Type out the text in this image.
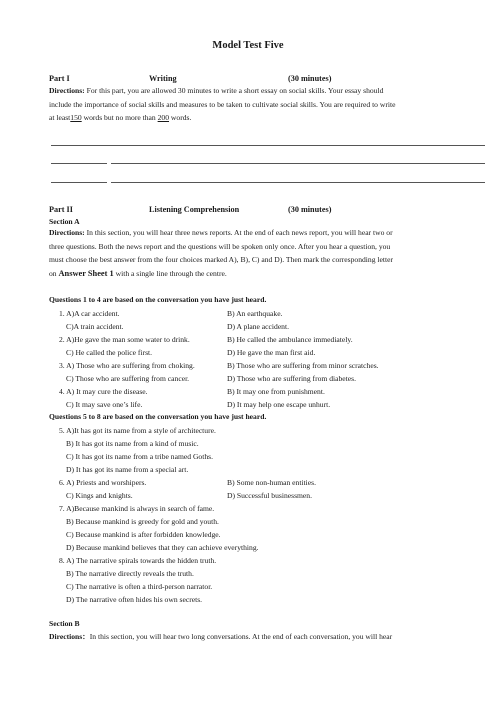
Model Test Five
Part I	Writing	(30 minutes)
Directions: For this part, you are allowed 30 minutes to write a short essay on social skills. Your essay should
include the importance of social skills and measures to be taken to cultivate social skills. You are required to write
at least150 words but no more than 200 words.
Part II	Listening Comprehension	(30 minutes)
Section A
Directions: In this section, you will hear three news reports. At the end of each news report, you will hear two or
three questions. Both the news report and the questions will be spoken only once. After you hear a question, you
must choose the best answer from the four choices marked A), B), C) and D). Then mark the corresponding letter
on Answer Sheet 1 with a single line through the centre.
Questions 1 to 4 are based on the conversation you have just heard.
1. A)A car accident.	B) An earthquake.
C)A train accident.	D) A plane accident.
2. A)He gave the man some water to drink.	B) He called the ambulance immediately.
C) He called the police first.	D) He gave the man first aid.
3. A) Those who are suffering from choking.	B) Those who are suffering from minor scratches.
C) Those who are suffering from cancer.	D) Those who are suffering from diabetes.
4. A) It may cure the disease.	B) It may one from punishment.
C) It may save one’s life.	D) It may help one escape unhurt.
Questions 5 to 8 are based on the conversation you have just heard.
5. A)It has got its name from a style of architecture.
B) It has got its name from a kind of music.
C) It has got its name from a tribe named Goths.
D) It has got its name from a special art.
6. A) Priests and worshipers.	B) Some non-human entities.
C) Kings and knights.	D) Successful businessmen.
7. A)Because mankind is always in search of fame.
B) Because mankind is greedy for gold and youth.
C) Because mankind is after forbidden knowledge.
D) Because mankind believes that they can achieve everything.
8. A) The narrative spirals towards the hidden truth.
B) The narrative directly reveals the truth.
C) The narrative is often a third-person narrator.
D) The narrative often hides his own secrets.
Section B
Directions：In this section, you will hear two long conversations. At the end of each conversation, you will hear
